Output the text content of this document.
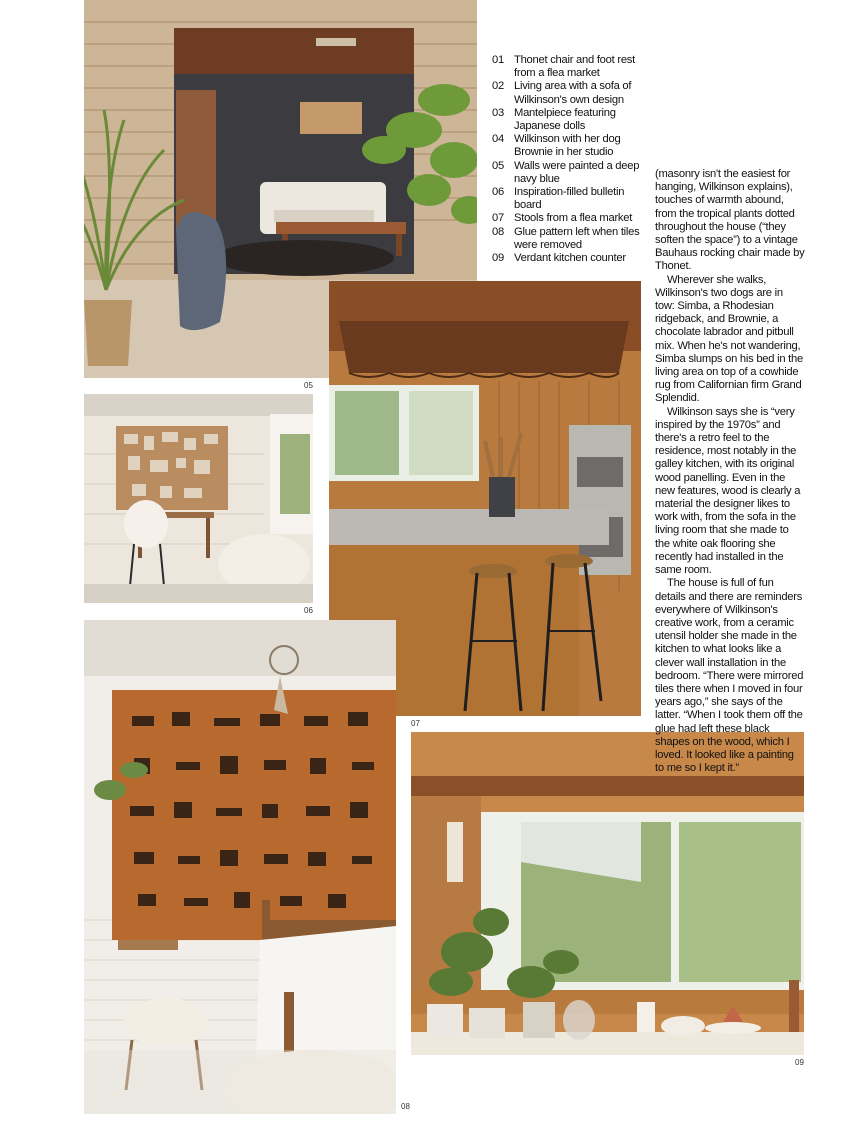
05
06
07
08
09
01 Thonet chair and foot rest from a flea market
02 Living area with a sofa of Wilkinson's own design
03 Mantelpiece featuring Japanese dolls
04 Wilkinson with her dog Brownie in her studio
05 Walls were painted a deep navy blue
06 Inspiration-filled bulletin board
07 Stools from a flea market
08 Glue pattern left when tiles were removed
09 Verdant kitchen counter

(masonry isn't the easiest for hanging, Wilkinson explains), touches of warmth abound, from the tropical plants dotted throughout the house (“they soften the space”) to a vintage Bauhaus rocking chair made by Thonet.

Wherever she walks, Wilkinson's two dogs are in tow: Simba, a Rhodesian ridgeback, and Brownie, a chocolate labrador and pitbull mix. When he's not wandering, Simba slumps on his bed in the living area on top of a cowhide rug from Californian firm Grand Splendid.

Wilkinson says she is “very inspired by the 1970s” and there's a retro feel to the residence, most notably in the galley kitchen, with its original wood panelling. Even in the new features, wood is clearly a material the designer likes to work with, from the sofa in the living room that she made to the white oak flooring she recently had installed in the same room.

The house is full of fun details and there are reminders everywhere of Wilkinson's creative work, from a ceramic utensil holder she made in the kitchen to what looks like a clever wall installation in the bedroom. “There were mirrored tiles there when I moved in four years ago,” she says of the latter. “When I took them off the glue had left these black shapes on the wood, which I loved. It looked like a painting to me so I kept it.”
